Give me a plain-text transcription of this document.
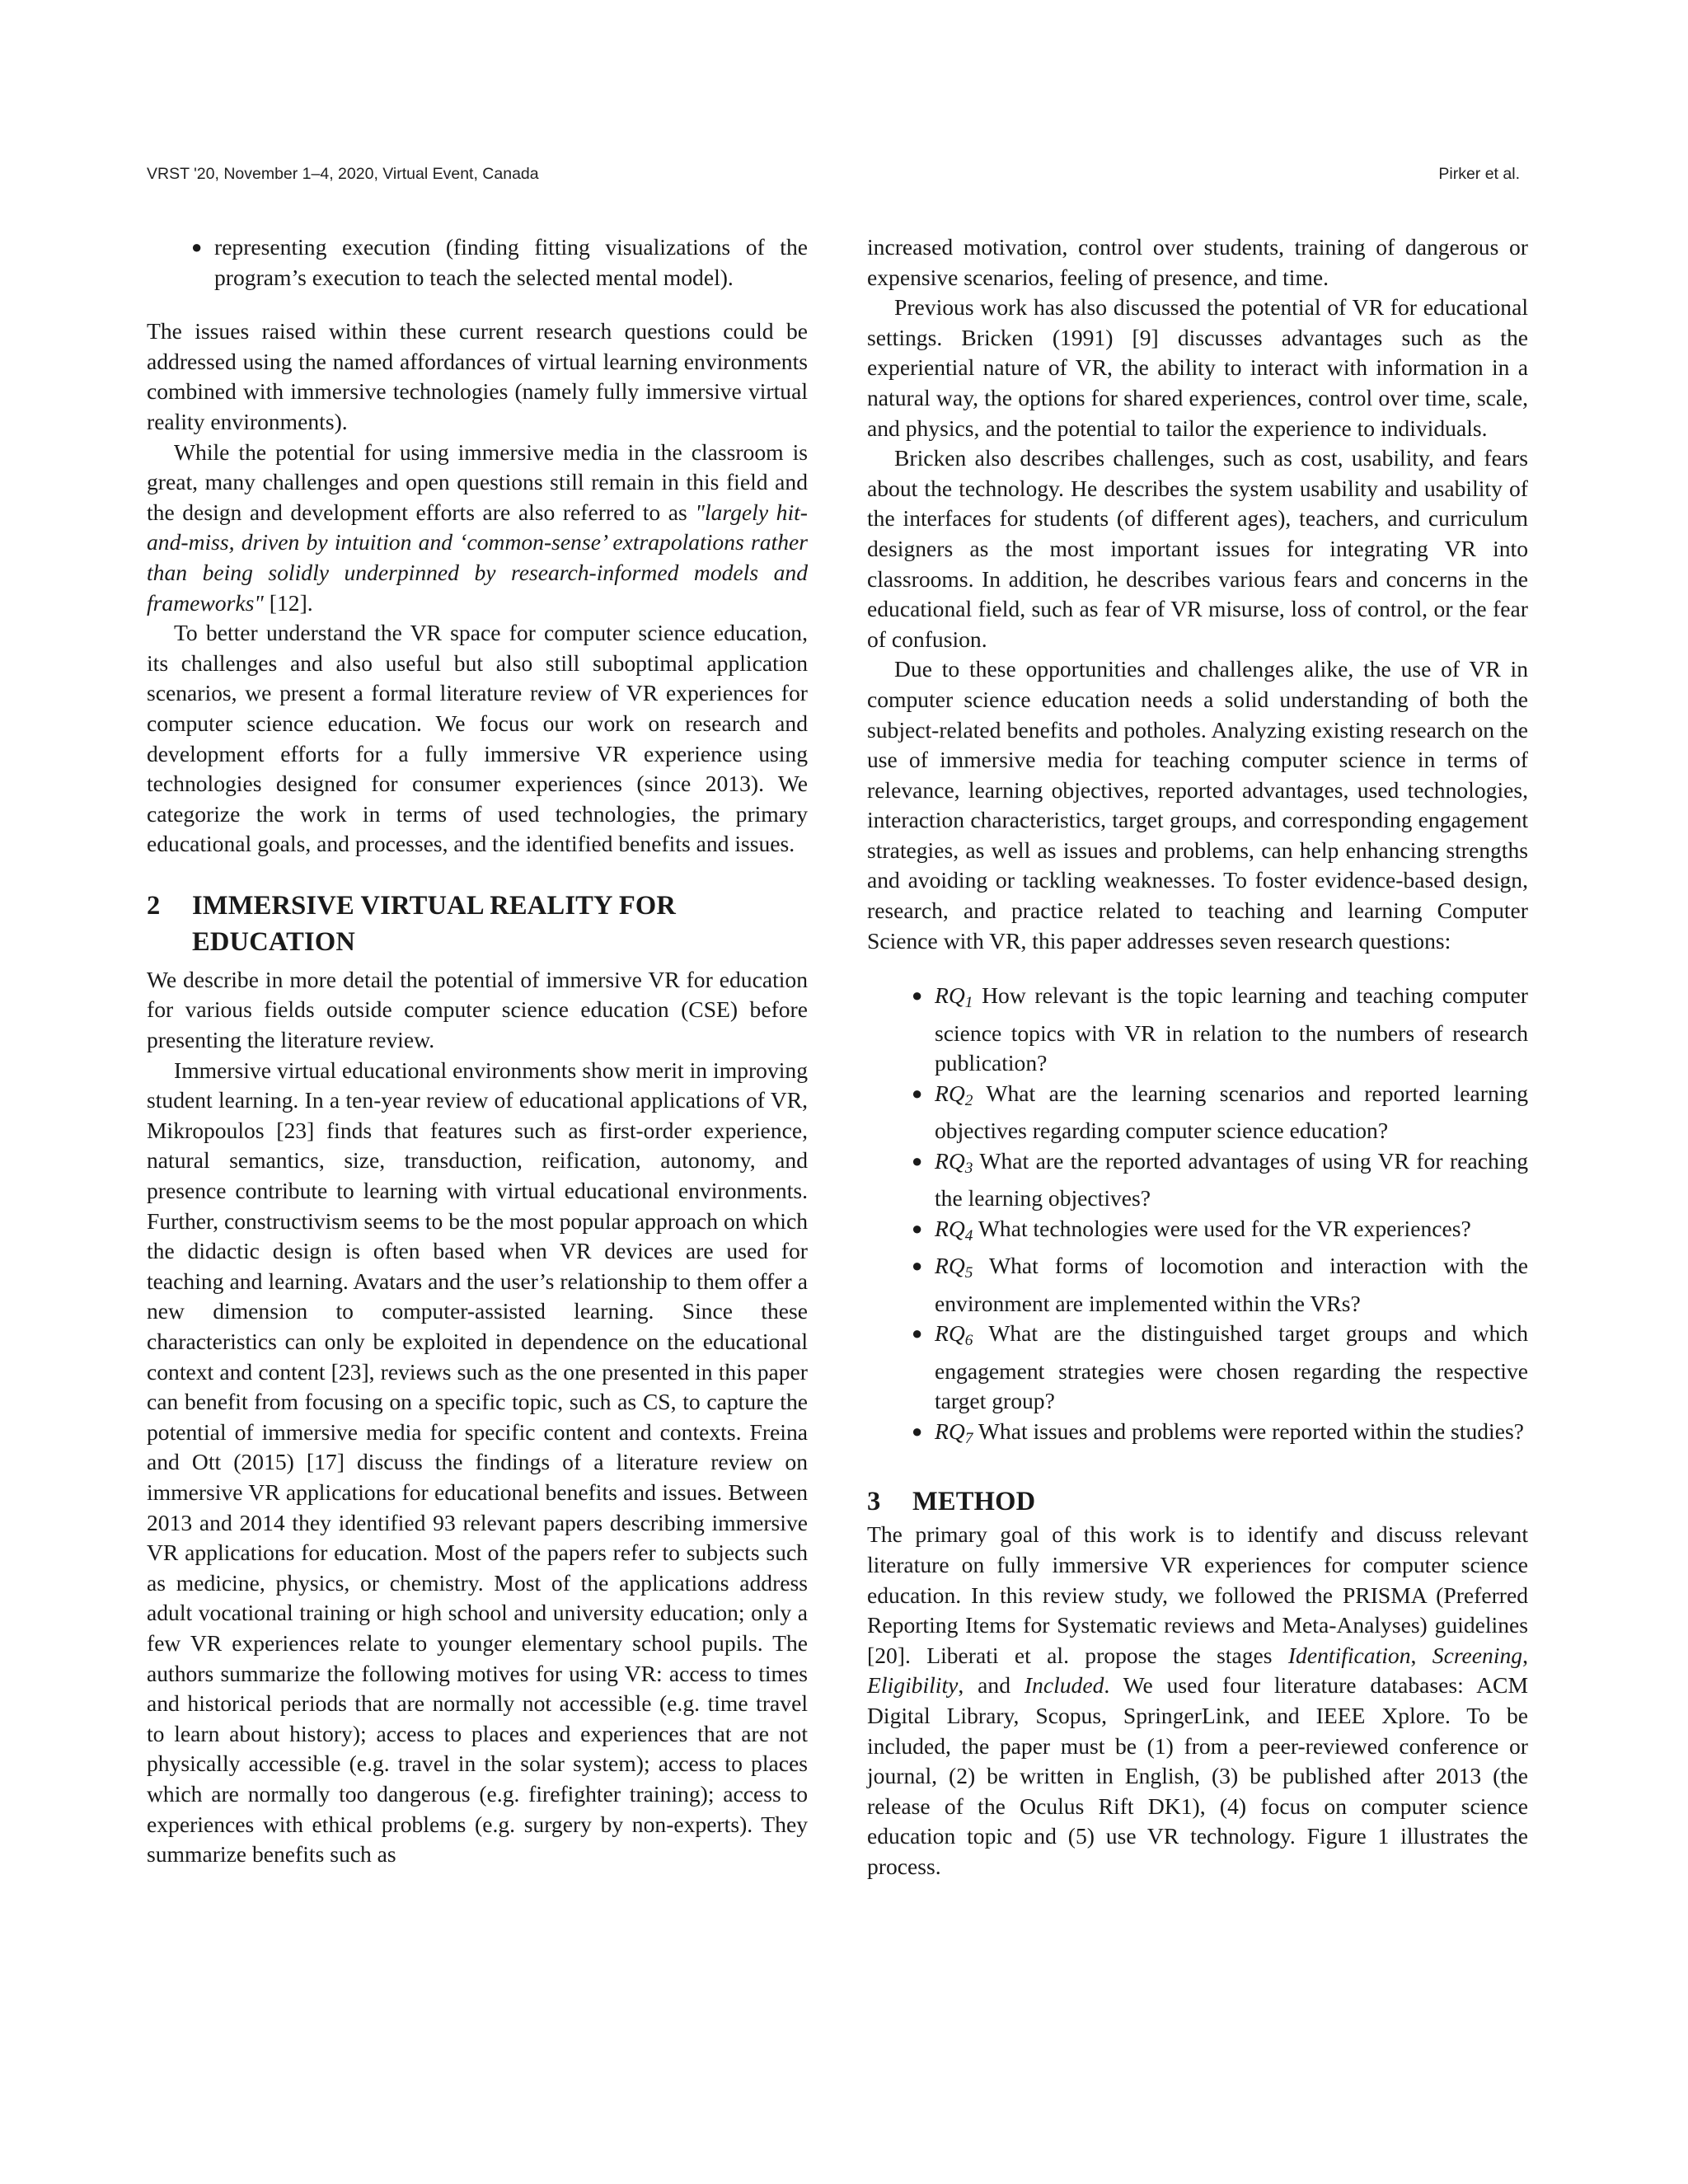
VRST '20, November 1–4, 2020, Virtual Event, Canada	Pirker et al.
● representing execution (finding fitting visualizations of the program’s execution to teach the selected mental model).

The issues raised within these current research questions could be addressed using the named affordances of virtual learning environments combined with immersive technologies (namely fully immersive virtual reality environments).

While the potential for using immersive media in the classroom is great, many challenges and open questions still remain in this field and the design and development efforts are also referred to as "largely hit-and-miss, driven by intuition and ‘common-sense’ extrapolations rather than being solidly underpinned by research-informed models and frameworks" [12].

To better understand the VR space for computer science education, its challenges and also useful but also still suboptimal application scenarios, we present a formal literature review of VR experiences for computer science education. We focus our work on research and development efforts for a fully immersive VR experience using technologies designed for consumer experiences (since 2013). We categorize the work in terms of used technologies, the primary educational goals, and processes, and the identified benefits and issues.

2	IMMERSIVE VIRTUAL REALITY FOR EDUCATION

We describe in more detail the potential of immersive VR for education for various fields outside computer science education (CSE) before presenting the literature review.

Immersive virtual educational environments show merit in improving student learning. In a ten-year review of educational applications of VR, Mikropoulos [23] finds that features such as first-order experience, natural semantics, size, transduction, reification, autonomy, and presence contribute to learning with virtual educational environments. Further, constructivism seems to be the most popular approach on which the didactic design is often based when VR devices are used for teaching and learning. Avatars and the user’s relationship to them offer a new dimension to computer-assisted learning. Since these characteristics can only be exploited in dependence on the educational context and content [23], reviews such as the one presented in this paper can benefit from focusing on a specific topic, such as CS, to capture the potential of immersive media for specific content and contexts. Freina and Ott (2015) [17] discuss the findings of a literature review on immersive VR applications for educational benefits and issues. Between 2013 and 2014 they identified 93 relevant papers describing immersive VR applications for education. Most of the papers refer to subjects such as medicine, physics, or chemistry. Most of the applications address adult vocational training or high school and university education; only a few VR experiences relate to younger elementary school pupils. The authors summarize the following motives for using VR: access to times and historical periods that are normally not accessible (e.g. time travel to learn about history); access to places and experiences that are not physically accessible (e.g. travel in the solar system); access to places which are normally too dangerous (e.g. firefighter training); access to experiences with ethical problems (e.g. surgery by non-experts). They summarize benefits such as

increased motivation, control over students, training of dangerous or expensive scenarios, feeling of presence, and time.

Previous work has also discussed the potential of VR for educational settings. Bricken (1991) [9] discusses advantages such as the experiential nature of VR, the ability to interact with information in a natural way, the options for shared experiences, control over time, scale, and physics, and the potential to tailor the experience to individuals.

Bricken also describes challenges, such as cost, usability, and fears about the technology. He describes the system usability and usability of the interfaces for students (of different ages), teachers, and curriculum designers as the most important issues for integrating VR into classrooms. In addition, he describes various fears and concerns in the educational field, such as fear of VR misurse, loss of control, or the fear of confusion.

Due to these opportunities and challenges alike, the use of VR in computer science education needs a solid understanding of both the subject-related benefits and potholes. Analyzing existing research on the use of immersive media for teaching computer science in terms of relevance, learning objectives, reported advantages, used technologies, interaction characteristics, target groups, and corresponding engagement strategies, as well as issues and problems, can help enhancing strengths and avoiding or tackling weaknesses. To foster evidence-based design, research, and practice related to teaching and learning Computer Science with VR, this paper addresses seven research questions:

● $RQ_1$ How relevant is the topic learning and teaching computer science topics with VR in relation to the numbers of research publication?
● $RQ_2$ What are the learning scenarios and reported learning objectives regarding computer science education?
● $RQ_3$ What are the reported advantages of using VR for reaching the learning objectives?
● $RQ_4$ What technologies were used for the VR experiences?
● $RQ_5$ What forms of locomotion and interaction with the environment are implemented within the VRs?
● $RQ_6$ What are the distinguished target groups and which engagement strategies were chosen regarding the respective target group?
● $RQ_7$ What issues and problems were reported within the studies?
3	METHOD

The primary goal of this work is to identify and discuss relevant literature on fully immersive VR experiences for computer science education. In this review study, we followed the PRISMA (Preferred Reporting Items for Systematic reviews and Meta-Analyses) guidelines [20]. Liberati et al. propose the stages Identification, Screening, Eligibility, and Included. We used four literature databases: ACM Digital Library, Scopus, SpringerLink, and IEEE Xplore. To be included, the paper must be (1) from a peer-reviewed conference or journal, (2) be written in English, (3) be published after 2013 (the release of the Oculus Rift DK1), (4) focus on computer science education topic and (5) use VR technology. Figure 1 illustrates the process.
